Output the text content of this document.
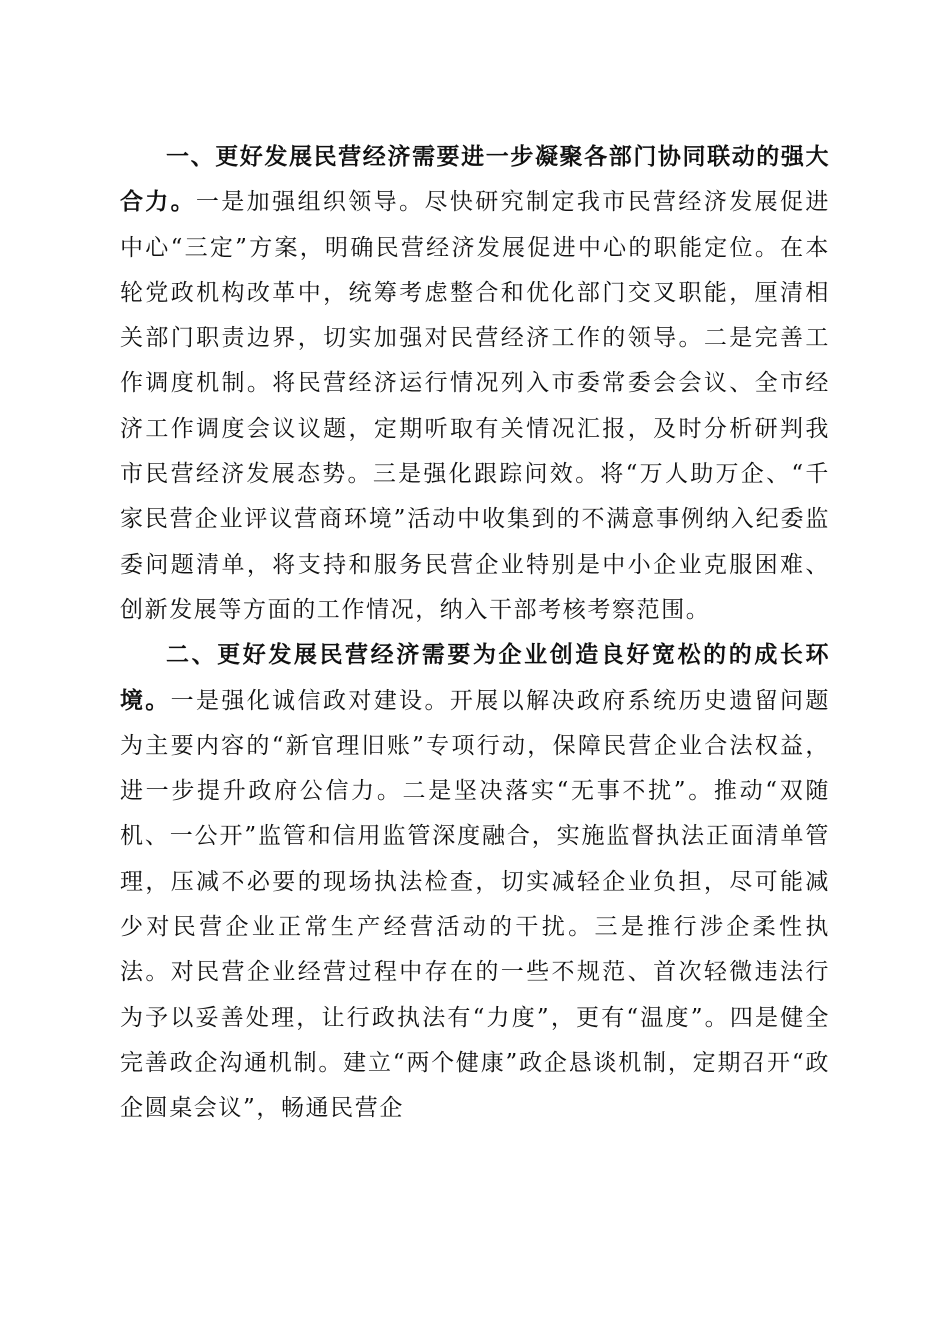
一、更好发展民营经济需要进一步凝聚各部门协同联动的强大合力。一是加强组织领导。尽快研究制定我市民营经济发展促进中心“三定”方案，明确民营经济发展促进中心的职能定位。在本轮党政机构改革中，统筹考虑整合和优化部门交叉职能，厘清相关部门职责边界，切实加强对民营经济工作的领导。二是完善工作调度机制。将民营经济运行情况列入市委常委会会议、全市经济工作调度会议议题，定期听取有关情况汇报，及时分析研判我市民营经济发展态势。三是强化跟踪问效。将“万人助万企、“千家民营企业评议营商环境”活动中收集到的不满意事例纳入纪委监委问题清单，将支持和服务民营企业特别是中小企业克服困难、创新发展等方面的工作情况，纳入干部考核考察范围。

二、更好发展民营经济需要为企业创造良好宽松的的成长环境。一是强化诚信政对建设。开展以解决政府系统历史遗留问题为主要内容的“新官理旧账”专项行动，保障民营企业合法权益，进一步提升政府公信力。二是坚决落实“无事不扰”。推动“双随机、一公开”监管和信用监管深度融合，实施监督执法正面清单管理，压减不必要的现场执法检查，切实减轻企业负担，尽可能减少对民营企业正常生产经营活动的干扰。三是推行涉企柔性执法。对民营企业经营过程中存在的一些不规范、首次轻微违法行为予以妥善处理，让行政执法有“力度”，更有“温度”。四是健全完善政企沟通机制。建立“两个健康”政企恳谈机制，定期召开“政企圆桌会议”，畅通民营企
